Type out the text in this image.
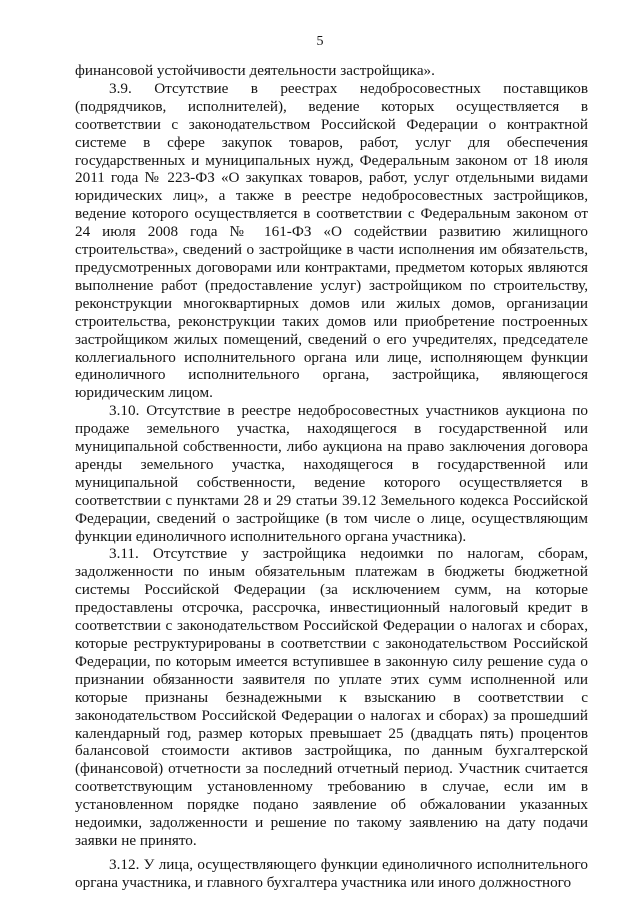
5

финансовой устойчивости деятельности застройщика».

3.9. Отсутствие в реестрах недобросовестных поставщиков (подрядчиков, исполнителей), ведение которых осуществляется в соответствии с законодательством Российской Федерации о контрактной системе в сфере закупок товаров, работ, услуг для обеспечения государственных и муниципальных нужд, Федеральным законом от 18 июля 2011 года № 223-ФЗ «О закупках товаров, работ, услуг отдельными видами юридических лиц», а также в реестре недобросовестных застройщиков, ведение которого осуществляется в соответствии с Федеральным законом от 24 июля 2008 года № 161-ФЗ «О содействии развитию жилищного строительства», сведений о застройщике в части исполнения им обязательств, предусмотренных договорами или контрактами, предметом которых являются выполнение работ (предоставление услуг) застройщиком по строительству, реконструкции многоквартирных домов или жилых домов, организации строительства, реконструкции таких домов или приобретение построенных застройщиком жилых помещений, сведений о его учредителях, председателе коллегиального исполнительного органа или лице, исполняющем функции единоличного исполнительного органа, застройщика, являющегося юридическим лицом.

3.10. Отсутствие в реестре недобросовестных участников аукциона по продаже земельного участка, находящегося в государственной или муниципальной собственности, либо аукциона на право заключения договора аренды земельного участка, находящегося в государственной или муниципальной собственности, ведение которого осуществляется в соответствии с пунктами 28 и 29 статьи 39.12 Земельного кодекса Российской Федерации, сведений о застройщике (в том числе о лице, осуществляющим функции единоличного исполнительного органа участника).

3.11. Отсутствие у застройщика недоимки по налогам, сборам, задолженности по иным обязательным платежам в бюджеты бюджетной системы Российской Федерации (за исключением сумм, на которые предоставлены отсрочка, рассрочка, инвестиционный налоговый кредит в соответствии с законодательством Российской Федерации о налогах и сборах, которые реструктурированы в соответствии с законодательством Российской Федерации, по которым имеется вступившее в законную силу решение суда о признании обязанности заявителя по уплате этих сумм исполненной или которые признаны безнадежными к взысканию в соответствии с законодательством Российской Федерации о налогах и сборах) за прошедший календарный год, размер которых превышает 25 (двадцать пять) процентов балансовой стоимости активов застройщика, по данным бухгалтерской (финансовой) отчетности за последний отчетный период. Участник считается соответствующим установленному требованию в случае, если им в установленном порядке подано заявление об обжаловании указанных недоимки, задолженности и решение по такому заявлению на дату подачи заявки не принято.

3.12. У лица, осуществляющего функции единоличного исполнительного органа участника, и главного бухгалтера участника или иного должностного
